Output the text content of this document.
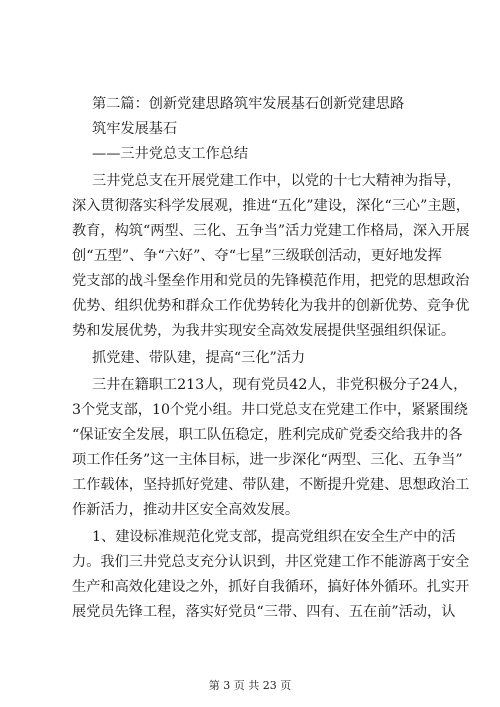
第二篇：创新党建思路筑牢发展基石创新党建思路
筑牢发展基石
——三井党总支工作总结
三井党总支在开展党建工作中，以党的十七大精神为指导，
深入贯彻落实科学发展观，推进“五化”建设，深化“三心”主题，
教育，构筑“两型、三化、五争当”活力党建工作格局，深入开展
创“五型”、争“六好”、夺“七星”三级联创活动，更好地发挥
党支部的战斗堡垒作用和党员的先锋模范作用，把党的思想政治
优势、组织优势和群众工作优势转化为我井的创新优势、竞争优
势和发展优势，为我井实现安全高效发展提供坚强组织保证。
抓党建、带队建，提高“三化”活力
三井在籍职工213人，现有党员42人，非党积极分子24人，
3个党支部，10个党小组。井口党总支在党建工作中，紧紧围绕
“保证安全发展，职工队伍稳定，胜利完成矿党委交给我井的各
项工作任务”这一主体目标，进一步深化“两型、三化、五争当”
工作载体，坚持抓好党建、带队建，不断提升党建、思想政治工
作新活力，推动井区安全高效发展。
1、建设标准规范化党支部，提高党组织在安全生产中的活
力。我们三井党总支充分认识到，井区党建工作不能游离于安全
生产和高效化建设之外，抓好自我循环，搞好体外循环。扎实开
展党员先锋工程，落实好党员“三带、四有、五在前”活动，认
第 3 页 共 23 页
